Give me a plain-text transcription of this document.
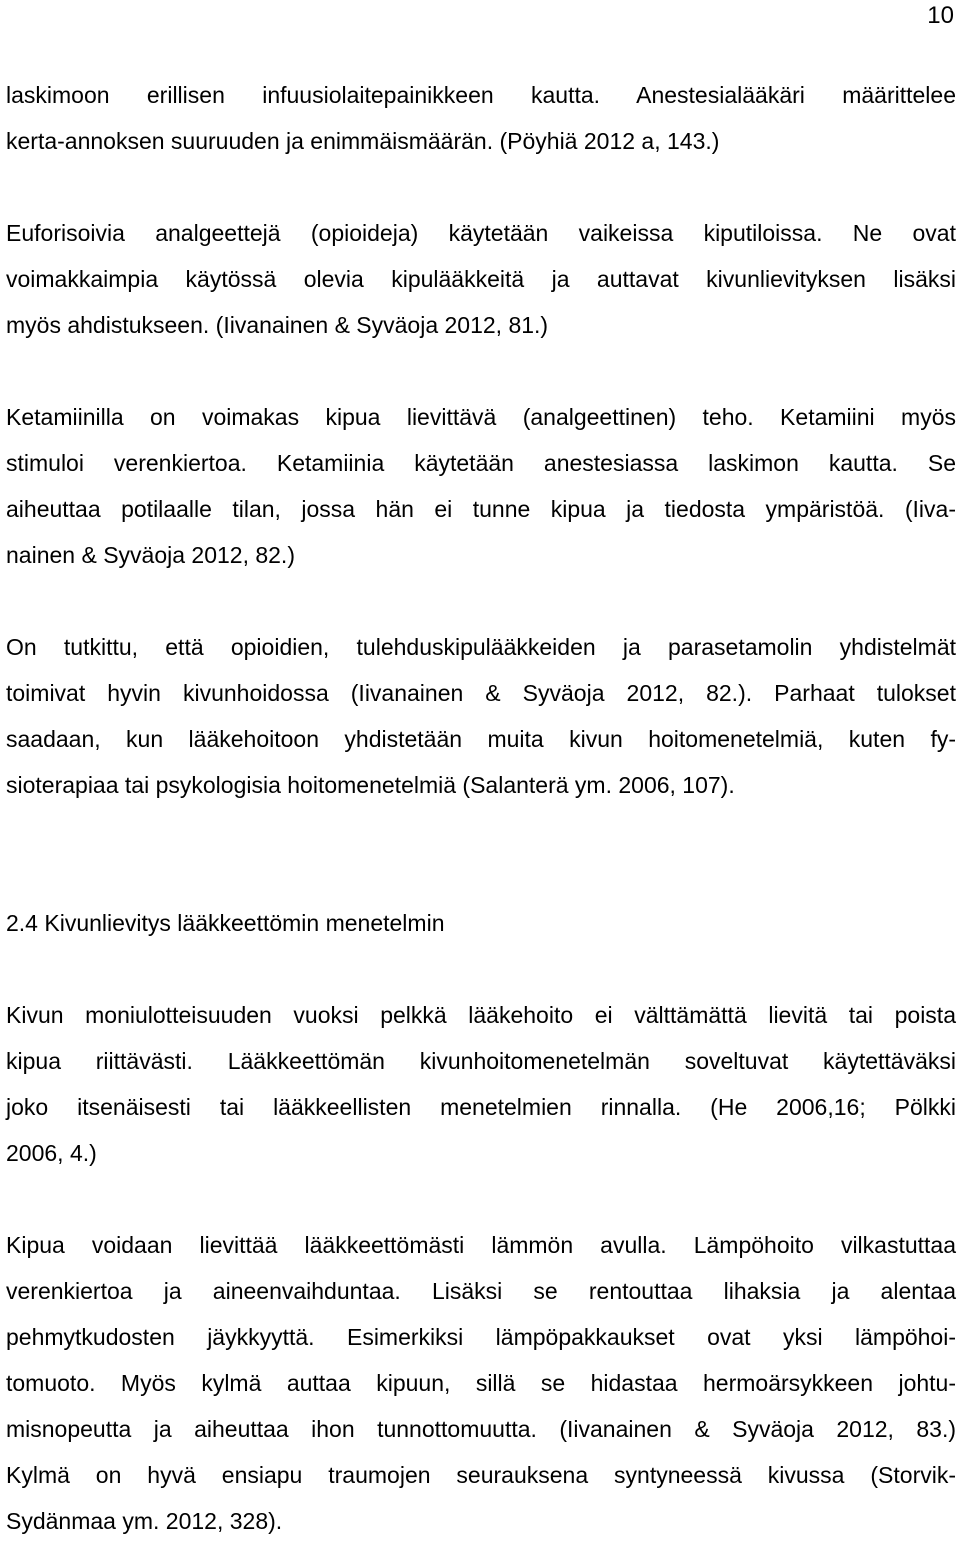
10

laskimoon erillisen infuusiolaitepainikkeen kautta. Anestesialääkäri määrittelee
kerta-annoksen suuruuden ja enimmäismäärän. (Pöyhiä 2012 a, 143.)

Euforisoivia analgeettejä (opioideja) käytetään vaikeissa kiputiloissa. Ne ovat
voimakkaimpia käytössä olevia kipulääkkeitä ja auttavat kivunlievityksen lisäksi
myös ahdistukseen. (Iivanainen & Syväoja 2012, 81.)

Ketamiinilla on voimakas kipua lievittävä (analgeettinen) teho. Ketamiini myös
stimuloi verenkiertoa. Ketamiinia käytetään anestesiassa laskimon kautta. Se
aiheuttaa potilaalle tilan, jossa hän ei tunne kipua ja tiedosta ympäristöä. (Iiva-
nainen & Syväoja 2012, 82.)

On tutkittu, että opioidien, tulehduskipulääkkeiden ja parasetamolin yhdistelmät
toimivat hyvin kivunhoidossa (Iivanainen & Syväoja 2012, 82.). Parhaat tulokset
saadaan, kun lääkehoitoon yhdistetään muita kivun hoitomenetelmiä, kuten fy-
sioterapiaa tai psykologisia hoitomenetelmiä (Salanterä ym. 2006, 107).

2.4 Kivunlievitys lääkkeettömin menetelmin

Kivun moniulotteisuuden vuoksi pelkkä lääkehoito ei välttämättä lievitä tai poista
kipua riittävästi. Lääkkeettömän kivunhoitomenetelmän soveltuvat käytettäväksi
joko itsenäisesti tai lääkkeellisten menetelmien rinnalla. (He 2006,16; Pölkki
2006, 4.)

Kipua voidaan lievittää lääkkeettömästi lämmön avulla. Lämpöhoito vilkastuttaa
verenkiertoa ja aineenvaihduntaa. Lisäksi se rentouttaa lihaksia ja alentaa
pehmytkudosten jäykkyyttä. Esimerkiksi lämpöpakkaukset ovat yksi lämpöhoi-
tomuoto. Myös kylmä auttaa kipuun, sillä se hidastaa hermoärsykkeen johtu-
misnopeutta ja aiheuttaa ihon tunnottomuutta. (Iivanainen & Syväoja 2012, 83.)
Kylmä on hyvä ensiapu traumojen seurauksena syntyneessä kivussa (Storvik-
Sydänmaa ym. 2012, 328).
